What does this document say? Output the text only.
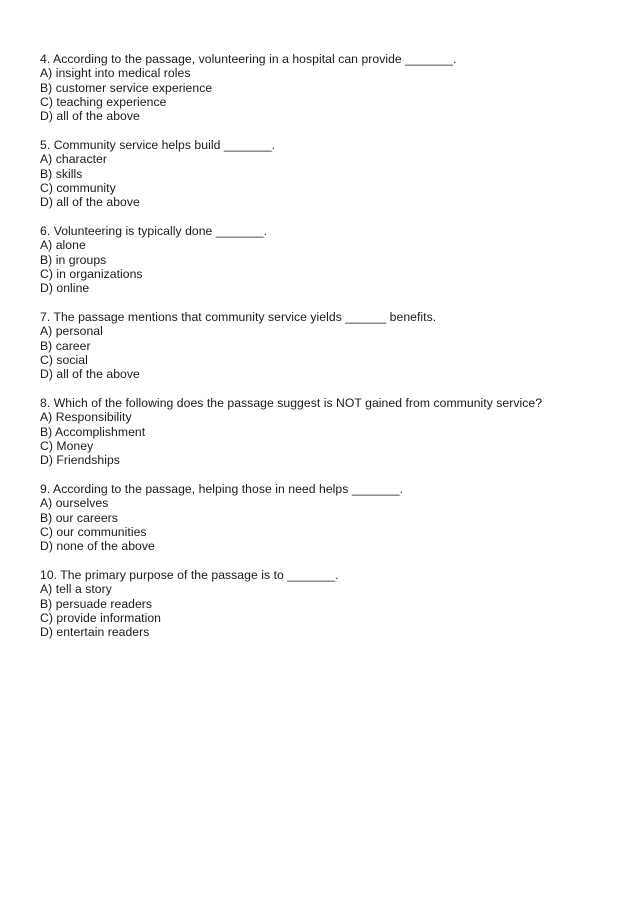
4. According to the passage, volunteering in a hospital can provide _______.
A) insight into medical roles
B) customer service experience
C) teaching experience
D) all of the above
5. Community service helps build _______.
A) character
B) skills
C) community
D) all of the above
6. Volunteering is typically done _______.
A) alone
B) in groups
C) in organizations
D) online
7. The passage mentions that community service yields ______ benefits.
A) personal
B) career
C) social
D) all of the above
8. Which of the following does the passage suggest is NOT gained from community service?
A) Responsibility
B) Accomplishment
C) Money
D) Friendships
9. According to the passage, helping those in need helps _______.
A) ourselves
B) our careers
C) our communities
D) none of the above
10. The primary purpose of the passage is to _______.
A) tell a story
B) persuade readers
C) provide information
D) entertain readers
